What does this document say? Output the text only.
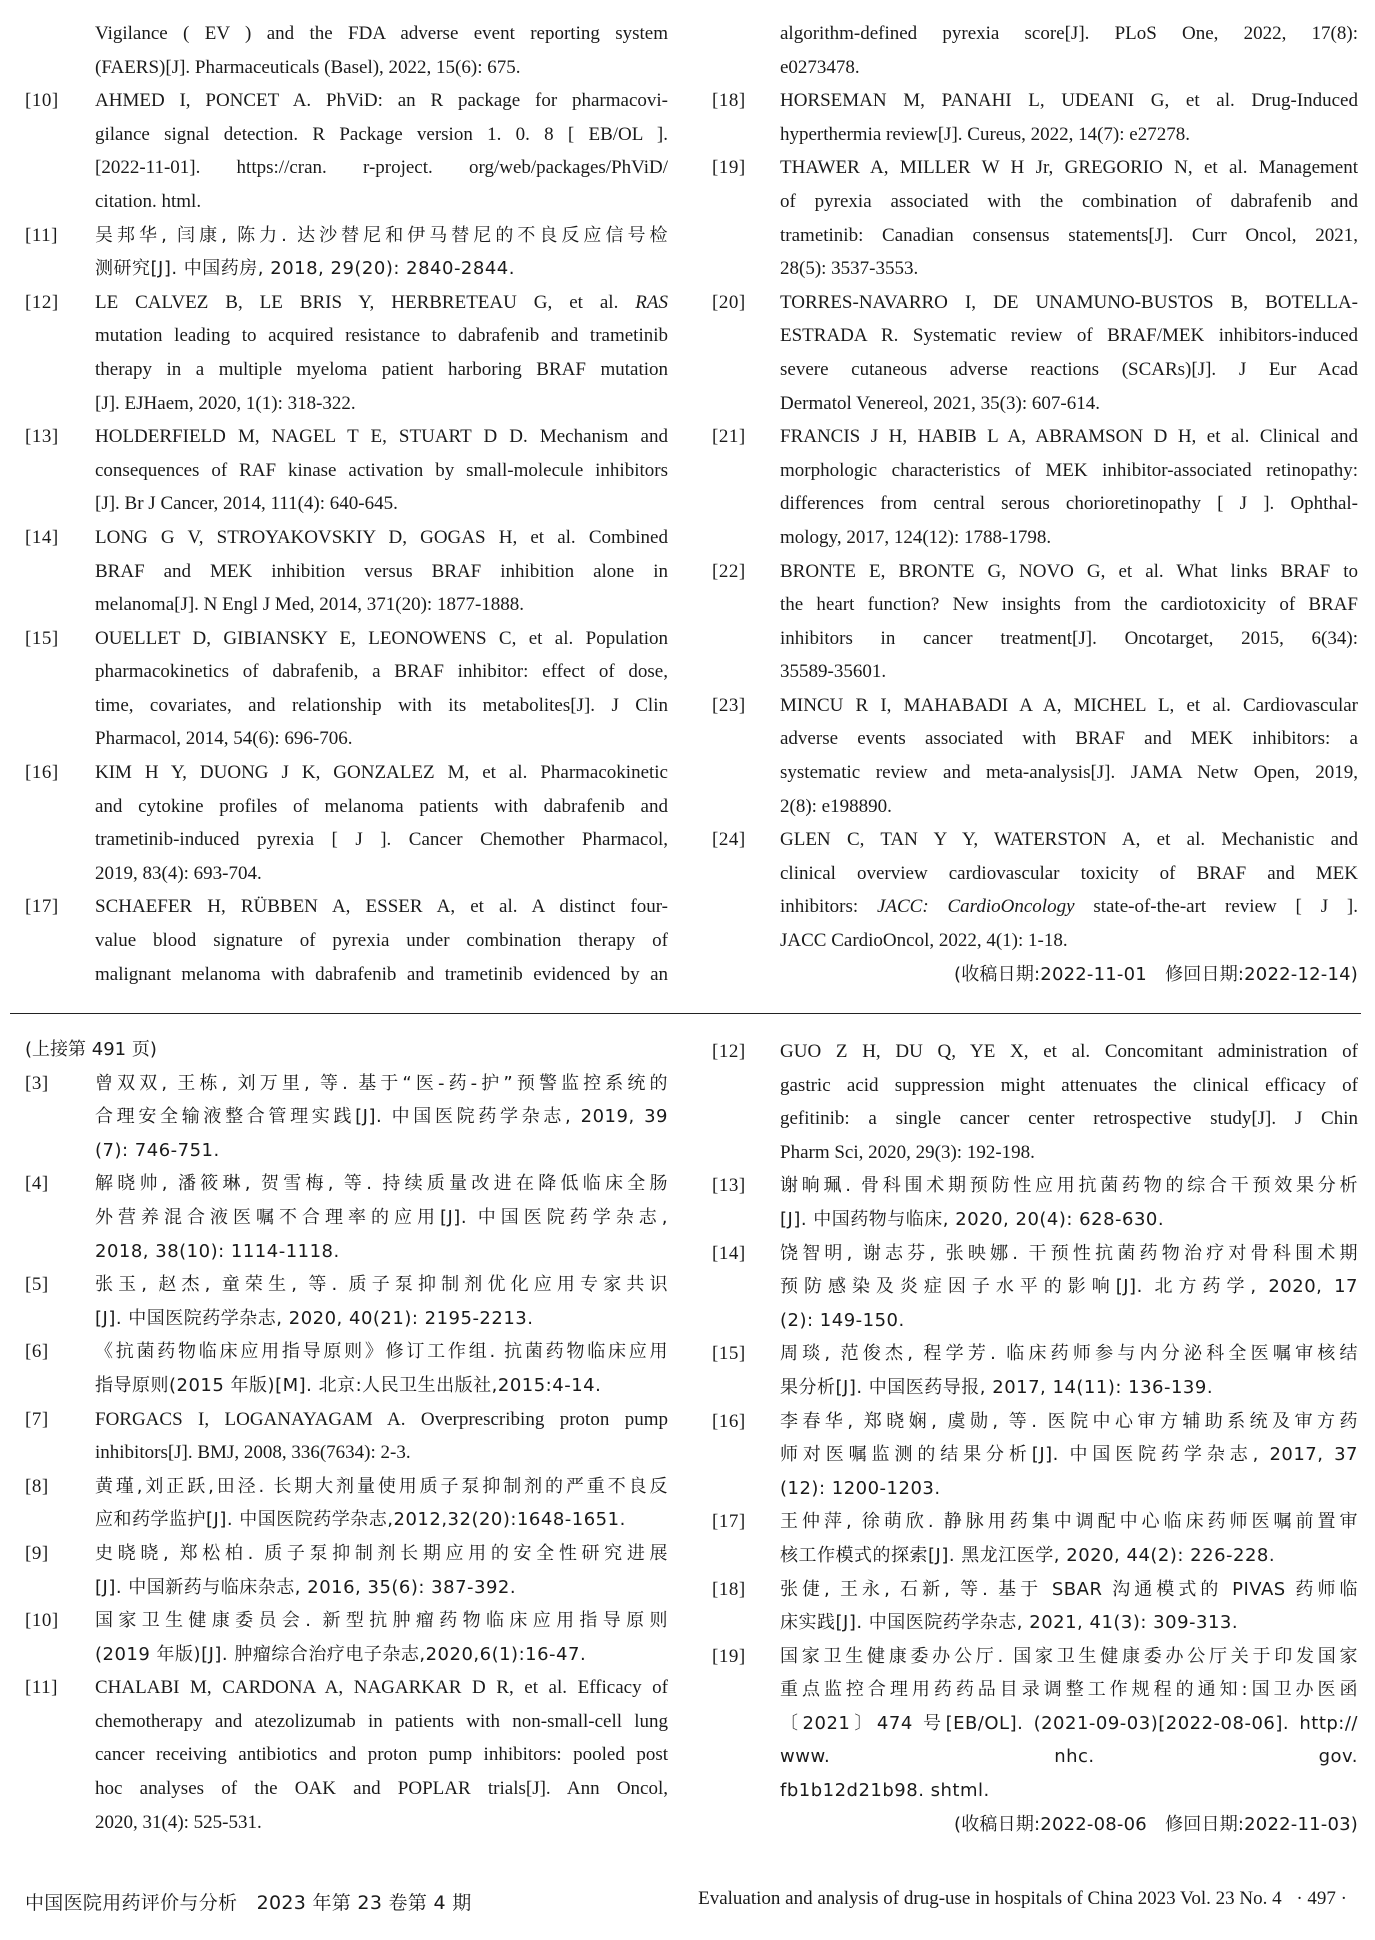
Vigilance ( EV ) and the FDA adverse event reporting system
(FAERS)[J]. Pharmaceuticals (Basel), 2022, 15(6): 675.
[10] AHMED I, PONCET A. PhViD: an R package for pharmacovi-
gilance signal detection. R Package version 1. 0. 8 [ EB/OL ].
[2022-11-01]. https://cran. r-project. org/web/packages/PhViD/
citation. html.
[11] 吴邦华, 闫康, 陈力. 达沙替尼和伊马替尼的不良反应信号检
测研究[J]. 中国药房, 2018, 29(20): 2840-2844.
[12] LE CALVEZ B, LE BRIS Y, HERBRETEAU G, et al. RAS
mutation leading to acquired resistance to dabrafenib and trametinib
therapy in a multiple myeloma patient harboring BRAF mutation
[J]. EJHaem, 2020, 1(1): 318-322.
[13] HOLDERFIELD M, NAGEL T E, STUART D D. Mechanism and
consequences of RAF kinase activation by small-molecule inhibitors
[J]. Br J Cancer, 2014, 111(4): 640-645.
[14] LONG G V, STROYAKOVSKIY D, GOGAS H, et al. Combined
BRAF and MEK inhibition versus BRAF inhibition alone in
melanoma[J]. N Engl J Med, 2014, 371(20): 1877-1888.
[15] OUELLET D, GIBIANSKY E, LEONOWENS C, et al. Population
pharmacokinetics of dabrafenib, a BRAF inhibitor: effect of dose,
time, covariates, and relationship with its metabolites[J]. J Clin
Pharmacol, 2014, 54(6): 696-706.
[16] KIM H Y, DUONG J K, GONZALEZ M, et al. Pharmacokinetic
and cytokine profiles of melanoma patients with dabrafenib and
trametinib-induced pyrexia [ J ]. Cancer Chemother Pharmacol,
2019, 83(4): 693-704.
[17] SCHAEFER H, RÜBBEN A, ESSER A, et al. A distinct four-
value blood signature of pyrexia under combination therapy of
malignant melanoma with dabrafenib and trametinib evidenced by an
algorithm-defined pyrexia score[J]. PLoS One, 2022, 17(8):
e0273478.
[18] HORSEMAN M, PANAHI L, UDEANI G, et al. Drug-Induced
hyperthermia review[J]. Cureus, 2022, 14(7): e27278.
[19] THAWER A, MILLER W H Jr, GREGORIO N, et al. Management
of pyrexia associated with the combination of dabrafenib and
trametinib: Canadian consensus statements[J]. Curr Oncol, 2021,
28(5): 3537-3553.
[20] TORRES-NAVARRO I, DE UNAMUNO-BUSTOS B, BOTELLA-
ESTRADA R. Systematic review of BRAF/MEK inhibitors-induced
severe cutaneous adverse reactions (SCARs)[J]. J Eur Acad
Dermatol Venereol, 2021, 35(3): 607-614.
[21] FRANCIS J H, HABIB L A, ABRAMSON D H, et al. Clinical and
morphologic characteristics of MEK inhibitor-associated retinopathy:
differences from central serous chorioretinopathy [ J ]. Ophthal-
mology, 2017, 124(12): 1788-1798.
[22] BRONTE E, BRONTE G, NOVO G, et al. What links BRAF to
the heart function? New insights from the cardiotoxicity of BRAF
inhibitors in cancer treatment[J]. Oncotarget, 2015, 6(34):
35589-35601.
[23] MINCU R I, MAHABADI A A, MICHEL L, et al. Cardiovascular
adverse events associated with BRAF and MEK inhibitors: a
systematic review and meta-analysis[J]. JAMA Netw Open, 2019,
2(8): e198890.
[24] GLEN C, TAN Y Y, WATERSTON A, et al. Mechanistic and
clinical overview cardiovascular toxicity of BRAF and MEK
inhibitors: JACC: CardioOncology state-of-the-art review [ J ].
JACC CardioOncol, 2022, 4(1): 1-18.
(收稿日期:2022-11-01　修回日期:2022-12-14)
(上接第 491 页)
[3]	曾双双, 王栋, 刘万里, 等. 基于“医-药-护”预警监控系统的
合理安全输液整合管理实践[J]. 中国医院药学杂志, 2019, 39
(7): 746-751.
[4]	解晓帅, 潘筱琳, 贺雪梅, 等. 持续质量改进在降低临床全肠
外营养混合液医嘱不合理率的应用[J]. 中国医院药学杂志,
2018, 38(10): 1114-1118.
[5]	张玉, 赵杰, 童荣生, 等. 质子泵抑制剂优化应用专家共识
[J]. 中国医院药学杂志, 2020, 40(21): 2195-2213.
[6]	《抗菌药物临床应用指导原则》修订工作组. 抗菌药物临床应用
指导原则(2015 年版)[M]. 北京:人民卫生出版社,2015:4-14.
[7] FORGACS I, LOGANAYAGAM A. Overprescribing proton pump
inhibitors[J]. BMJ, 2008, 336(7634): 2-3.
[8]	黄瑾,刘正跃,田泾. 长期大剂量使用质子泵抑制剂的严重不良反
应和药学监护[J]. 中国医院药学杂志,2012,32(20):1648-1651.
[9]	史晓晓, 郑松柏. 质子泵抑制剂长期应用的安全性研究进展
[J]. 中国新药与临床杂志, 2016, 35(6): 387-392.
[10] 国家卫生健康委员会. 新型抗肿瘤药物临床应用指导原则
(2019 年版)[J]. 肿瘤综合治疗电子杂志,2020,6(1):16-47.
[11] CHALABI M, CARDONA A, NAGARKAR D R, et al. Efficacy of
chemotherapy and atezolizumab in patients with non-small-cell lung
cancer receiving antibiotics and proton pump inhibitors: pooled post
hoc analyses of the OAK and POPLAR trials[J]. Ann Oncol,
2020, 31(4): 525-531.
[12] GUO Z H, DU Q, YE X, et al. Concomitant administration of
gastric acid suppression might attenuates the clinical efficacy of
gefitinib: a single cancer center retrospective study[J]. J Chin
Pharm Sci, 2020, 29(3): 192-198.
[13] 谢晌珮. 骨科围术期预防性应用抗菌药物的综合干预效果分析
[J]. 中国药物与临床, 2020, 20(4): 628-630.
[14] 饶智明, 谢志芬, 张映娜. 干预性抗菌药物治疗对骨科围术期
预防感染及炎症因子水平的影响[J]. 北方药学, 2020, 17
(2): 149-150.
[15] 周琰, 范俊杰, 程学芳. 临床药师参与内分泌科全医嘱审核结
果分析[J]. 中国医药导报, 2017, 14(11): 136-139.
[16] 李春华, 郑晓娴, 虞勋, 等. 医院中心审方辅助系统及审方药
师对医嘱监测的结果分析[J]. 中国医院药学杂志, 2017, 37
(12): 1200-1203.
[17] 王仲萍, 徐萌欣. 静脉用药集中调配中心临床药师医嘱前置审
核工作模式的探索[J]. 黑龙江医学, 2020, 44(2): 226-228.
[18] 张倢, 王永, 石新, 等. 基于 SBAR 沟通模式的 PIVAS 药师临
床实践[J]. 中国医院药学杂志, 2021, 41(3): 309-313.
[19] 国家卫生健康委办公厅. 国家卫生健康委办公厅关于印发国家
重点监控合理用药药品目录调整工作规程的通知:国卫办医函
〔2021〕474 号[EB/OL]. (2021-09-03)[2022-08-06]. http://
www. nhc. gov.
fb1b12d21b98. shtml.
(收稿日期:2022-08-06　修回日期:2022-11-03)
中国医院用药评价与分析　2023 年第 23 卷第 4 期	Evaluation and analysis of drug-use in hospitals of China 2023 Vol. 23 No. 4 · 497 ·
